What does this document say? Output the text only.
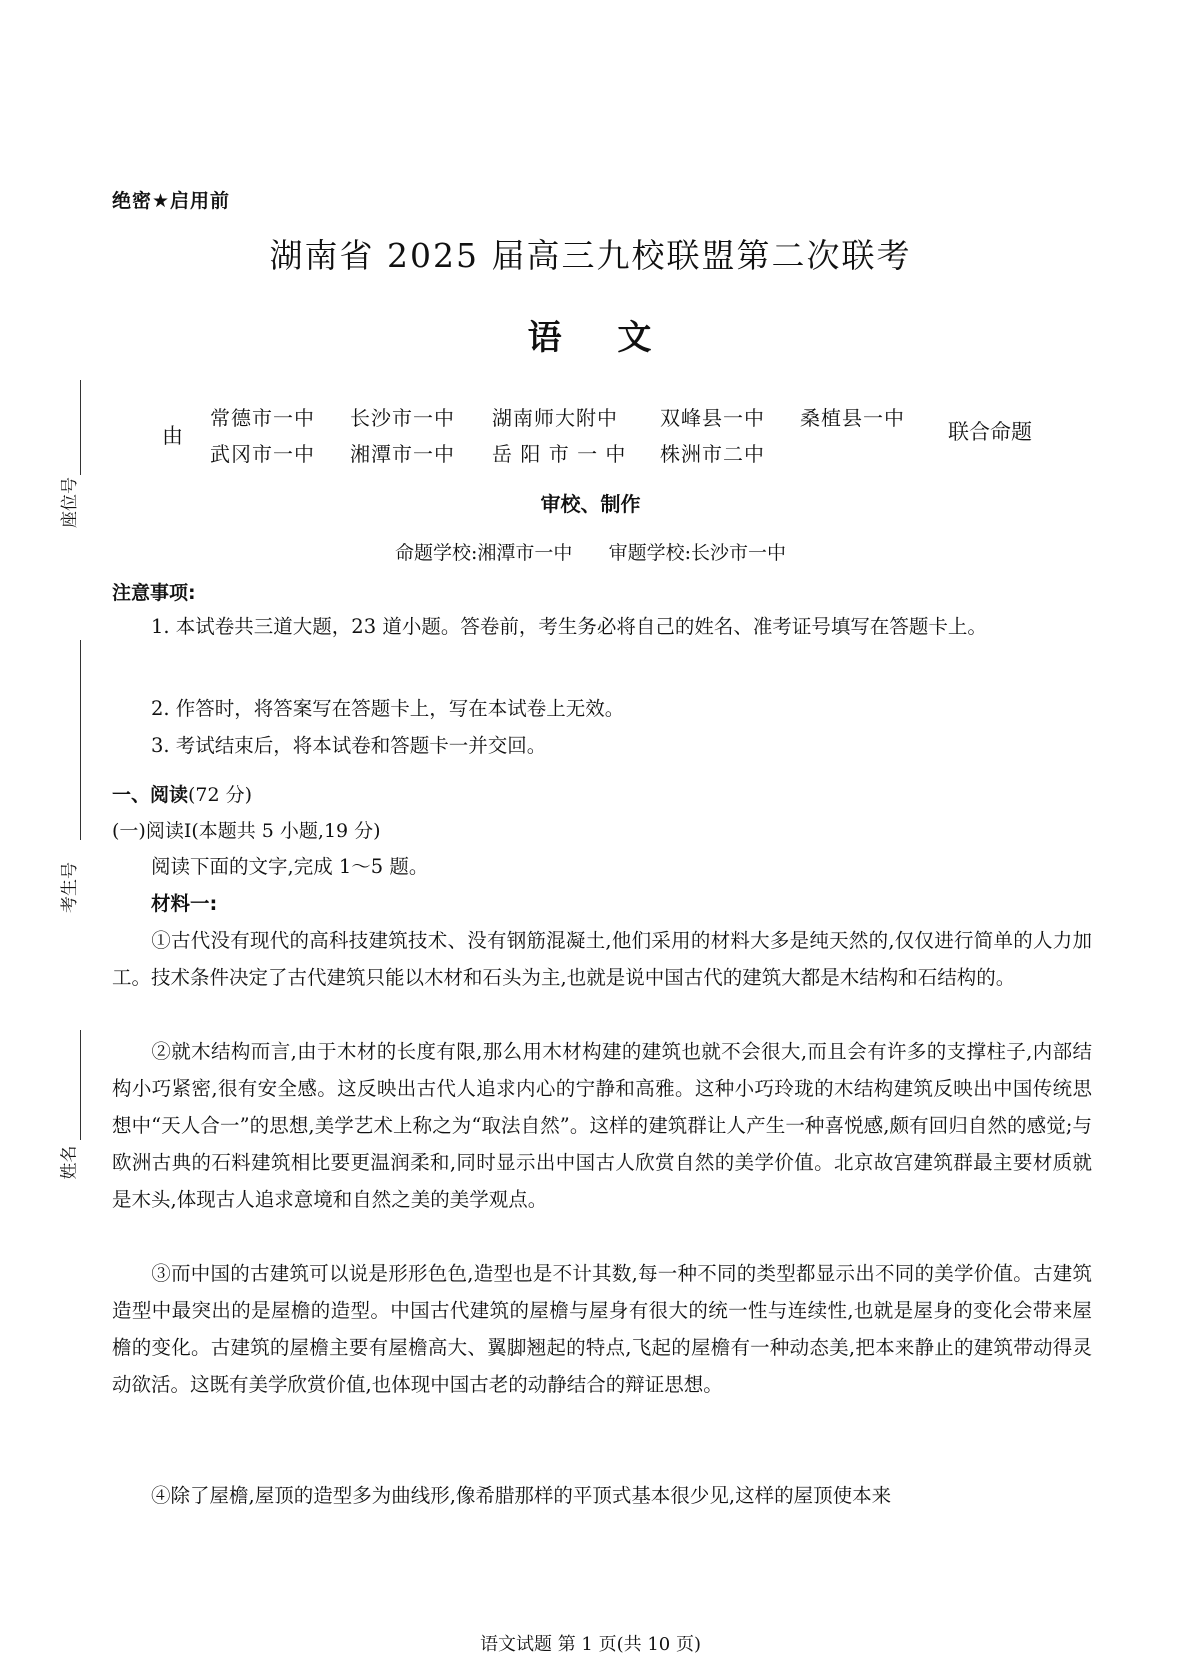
座位号
考生号
姓名
绝密★启用前
湖南省 2025 届高三九校联盟第二次联考
语 文
由
常德市一中 长沙市一中 湖南师大附中 双峰县一中 桑植县一中
武冈市一中 湘潭市一中 岳 阳 市 一 中 株洲市二中
联合命题
审校、制作
命题学校:湘潭市一中      审题学校:长沙市一中
注意事项:
1. 本试卷共三道大题，23 道小题。答卷前，考生务必将自己的姓名、准考证号填写在答题卡上。
2. 作答时，将答案写在答题卡上，写在本试卷上无效。
3. 考试结束后，将本试卷和答题卡一并交回。
一、阅读(72 分)
(一)阅读Ⅰ(本题共 5 小题,19 分)
阅读下面的文字,完成 1～5 题。
材料一:
①古代没有现代的高科技建筑技术、没有钢筋混凝土,他们采用的材料大多是纯天然的,仅仅进行简单的人力加工。技术条件决定了古代建筑只能以木材和石头为主,也就是说中国古代的建筑大都是木结构和石结构的。
②就木结构而言,由于木材的长度有限,那么用木材构建的建筑也就不会很大,而且会有许多的支撑柱子,内部结构小巧紧密,很有安全感。这反映出古代人追求内心的宁静和高雅。这种小巧玲珑的木结构建筑反映出中国传统思想中“天人合一”的思想,美学艺术上称之为“取法自然”。这样的建筑群让人产生一种喜悦感,颇有回归自然的感觉;与欧洲古典的石料建筑相比要更温润柔和,同时显示出中国古人欣赏自然的美学价值。北京故宫建筑群最主要材质就是木头,体现古人追求意境和自然之美的美学观点。
③而中国的古建筑可以说是形形色色,造型也是不计其数,每一种不同的类型都显示出不同的美学价值。古建筑造型中最突出的是屋檐的造型。中国古代建筑的屋檐与屋身有很大的统一性与连续性,也就是屋身的变化会带来屋檐的变化。古建筑的屋檐主要有屋檐高大、翼脚翘起的特点,飞起的屋檐有一种动态美,把本来静止的建筑带动得灵动欲活。这既有美学欣赏价值,也体现中国古老的动静结合的辩证思想。
④除了屋檐,屋顶的造型多为曲线形,像希腊那样的平顶式基本很少见,这样的屋顶使本来
语文试题 第 1 页(共 10 页)
